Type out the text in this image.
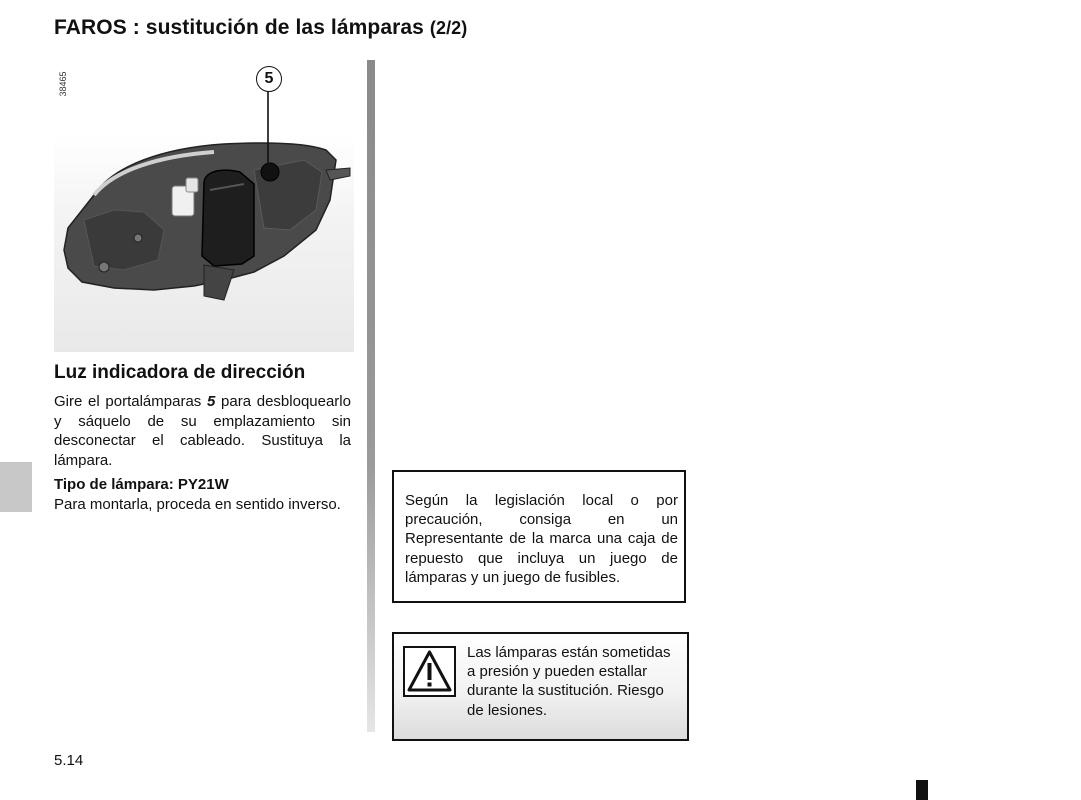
FAROS : sustitución de las lámparas (2/2)
38465	5
Luz indicadora de dirección

Gire el portalámparas 5 para desbloquearlo y sáquelo de su emplazamiento sin desconectar el cableado. Sustituya la lámpara.

Tipo de lámpara: PY21W

Para montarla, proceda en sentido inverso.	Según la legislación local o por precaución, consiga en un Representante de la marca una caja de repuesto que incluya un juego de lámparas y un juego de fusibles.

Las lámparas están sometidas a presión y pueden estallar durante la sustitución. Riesgo de lesiones.

5.14
